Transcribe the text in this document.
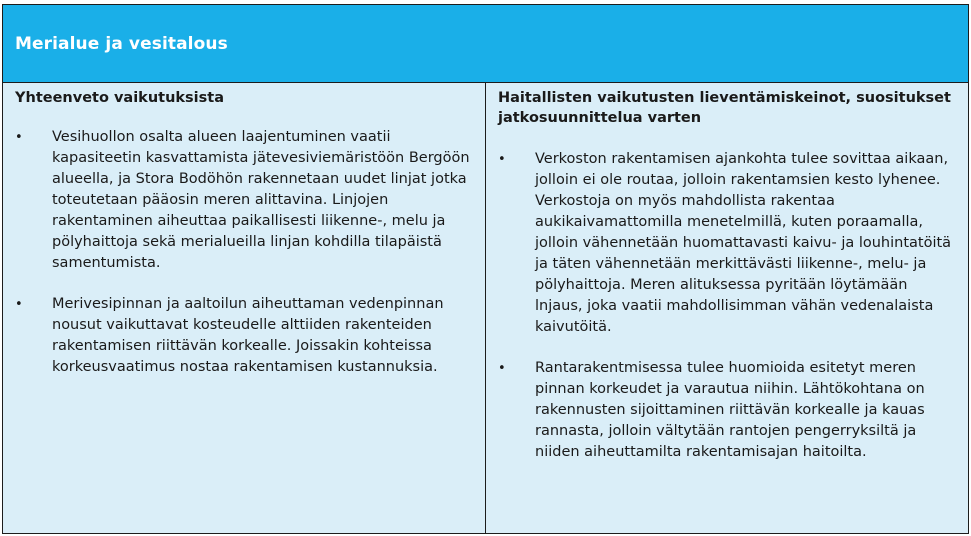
Merialue ja vesitalous

Yhteenveto vaikutuksista

• Vesihuollon osalta alueen laajentuminen vaatii kapasiteetin kasvattamista jätevesiviemäristöön Bergöön alueella, ja Stora Bodöhön rakennetaan uudet linjat jotka toteutetaan pääosin meren alittavina. Linjojen rakentaminen aiheuttaa paikallisesti liikenne-, melu ja pölyhaittoja sekä merialueilla linjan kohdilla tilapäistä samentumista.
• Merivesipinnan ja aaltoilun aiheuttaman vedenpinnan nousut vaikuttavat kosteudelle alttiiden rakenteiden rakentamisen riittävän korkealle. Joissakin kohteissa korkeusvaatimus nostaa rakentamisen kustannuksia.

Haitallisten vaikutusten lieventämiskeinot, suositukset jatkosuunnittelua varten

• Verkoston rakentamisen ajankohta tulee sovittaa aikaan, jolloin ei ole routaa, jolloin rakentamsien kesto lyhenee. Verkostoja on myös mahdollista rakentaa aukikaivamattomilla menetelmillä, kuten poraamalla, jolloin vähennetään huomattavasti kaivu- ja louhintatöitä ja täten vähennetään merkittävästi liikenne-, melu- ja pölyhaittoja. Meren alituksessa pyritään löytämään lnjaus, joka vaatii mahdollisimman vähän vedenalaista kaivutöitä.
• Rantarakentmisessa tulee huomioida esitetyt meren pinnan korkeudet ja varautua niihin. Lähtökohtana on rakennusten sijoittaminen riittävän korkealle ja kauas rannasta, jolloin vältytään rantojen pengerryksiltä ja niiden aiheuttamilta rakentamisajan haitoilta.
